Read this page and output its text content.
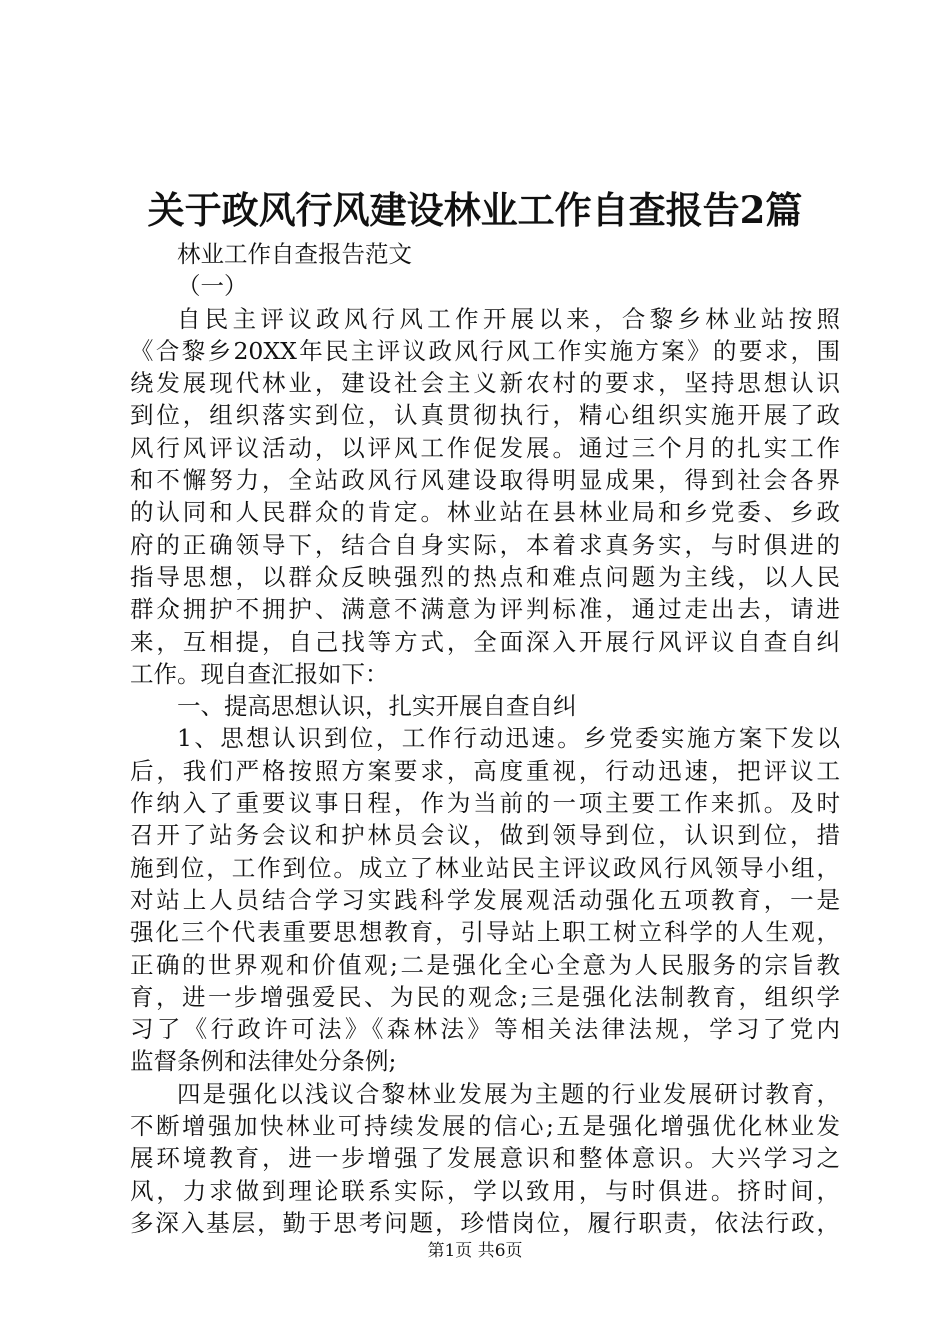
关于政风行风建设林业工作自查报告2篇
林业工作自查报告范文
（一）
自民主评议政风行风工作开展以来，合黎乡林业站按照
《合黎乡20XX年民主评议政风行风工作实施方案》的要求，围
绕发展现代林业，建设社会主义新农村的要求，坚持思想认识
到位，组织落实到位，认真贯彻执行，精心组织实施开展了政
风行风评议活动，以评风工作促发展。通过三个月的扎实工作
和不懈努力，全站政风行风建设取得明显成果，得到社会各界
的认同和人民群众的肯定。林业站在县林业局和乡党委、乡政
府的正确领导下，结合自身实际，本着求真务实，与时俱进的
指导思想，以群众反映强烈的热点和难点问题为主线，以人民
群众拥护不拥护、满意不满意为评判标准，通过走出去，请进
来，互相提，自己找等方式，全面深入开展行风评议自查自纠
工作。现自查汇报如下：
一、提高思想认识，扎实开展自查自纠
1、思想认识到位，工作行动迅速。乡党委实施方案下发以
后，我们严格按照方案要求，高度重视，行动迅速，把评议工
作纳入了重要议事日程，作为当前的一项主要工作来抓。及时
召开了站务会议和护林员会议，做到领导到位，认识到位，措
施到位，工作到位。成立了林业站民主评议政风行风领导小组，
对站上人员结合学习实践科学发展观活动强化五项教育，一是
强化三个代表重要思想教育，引导站上职工树立科学的人生观，
正确的世界观和价值观;二是强化全心全意为人民服务的宗旨教
育，进一步增强爱民、为民的观念;三是强化法制教育，组织学
习了《行政许可法》《森林法》等相关法律法规，学习了党内
监督条例和法律处分条例;
四是强化以浅议合黎林业发展为主题的行业发展研讨教育，
不断增强加快林业可持续发展的信心;五是强化增强优化林业发
展环境教育，进一步增强了发展意识和整体意识。大兴学习之
风，力求做到理论联系实际，学以致用，与时俱进。挤时间，
多深入基层，勤于思考问题，珍惜岗位，履行职责，依法行政，
第1页 共6页
